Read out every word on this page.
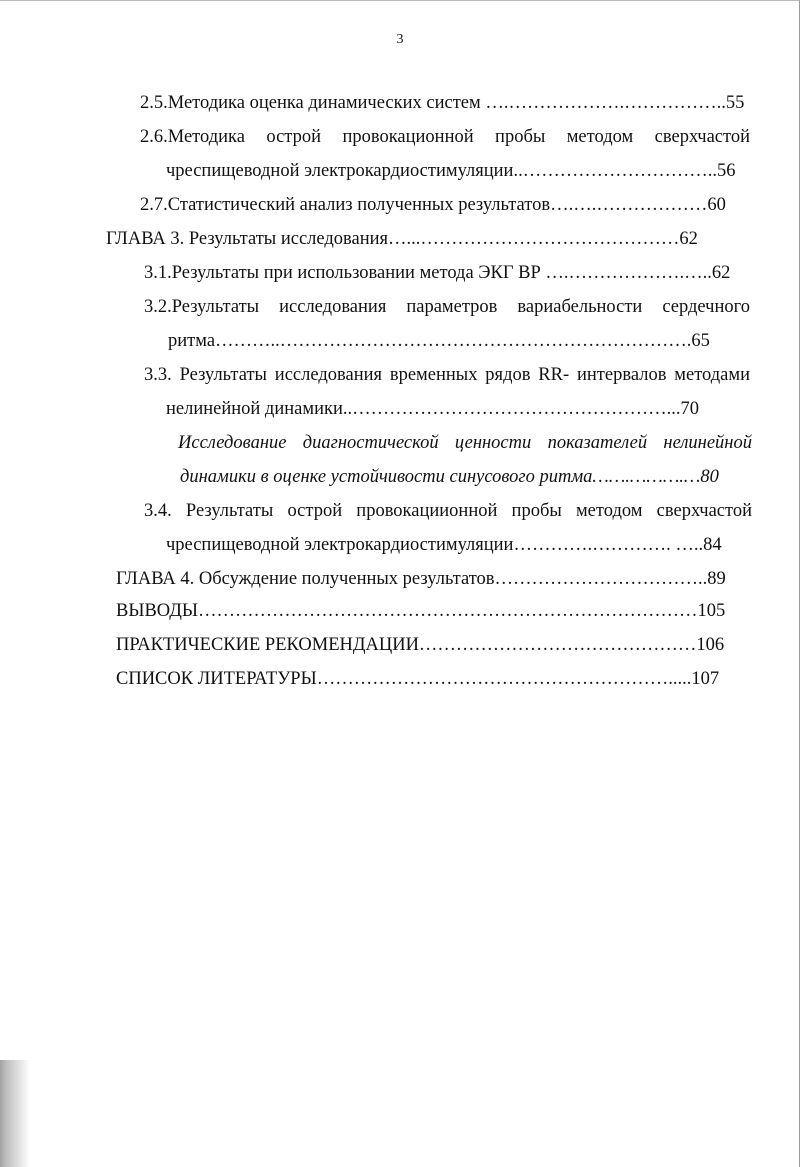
3
2.5.Методика оценка динамических систем ….……………….……………..55
2.6.Методика острой провокационной пробы методом сверхчастой
чреспищеводной электрокардиостимуляции..…………………………..56
2.7.Статистический анализ полученных результатов….….………………60
ГЛАВА 3. Результаты исследования…...……………………………………62
3.1.Результаты при использовании метода ЭКГ ВР ….……………….…..62
3.2.Результаты исследования параметров вариабельности сердечного
ритма………..………………………………………………………….65
3.3. Результаты исследования временных рядов RR- интервалов методами
нелинейной динамики..……………………………………………...70
Исследование диагностической ценности показателей нелинейной
динамики в оценке устойчивости синусового ритма…….……….…80
3.4. Результаты острой провокациионной пробы методом сверхчастой
чреспищеводной электрокардиостимуляции………….…………. …..84
ГЛАВА 4. Обсуждение полученных результатов……………………………..89
ВЫВОДЫ………………………………………………………………………105
ПРАКТИЧЕСКИЕ РЕКОМЕНДАЦИИ………………………………………106
СПИСОК ЛИТЕРАТУРЫ………………………………………………….....107
